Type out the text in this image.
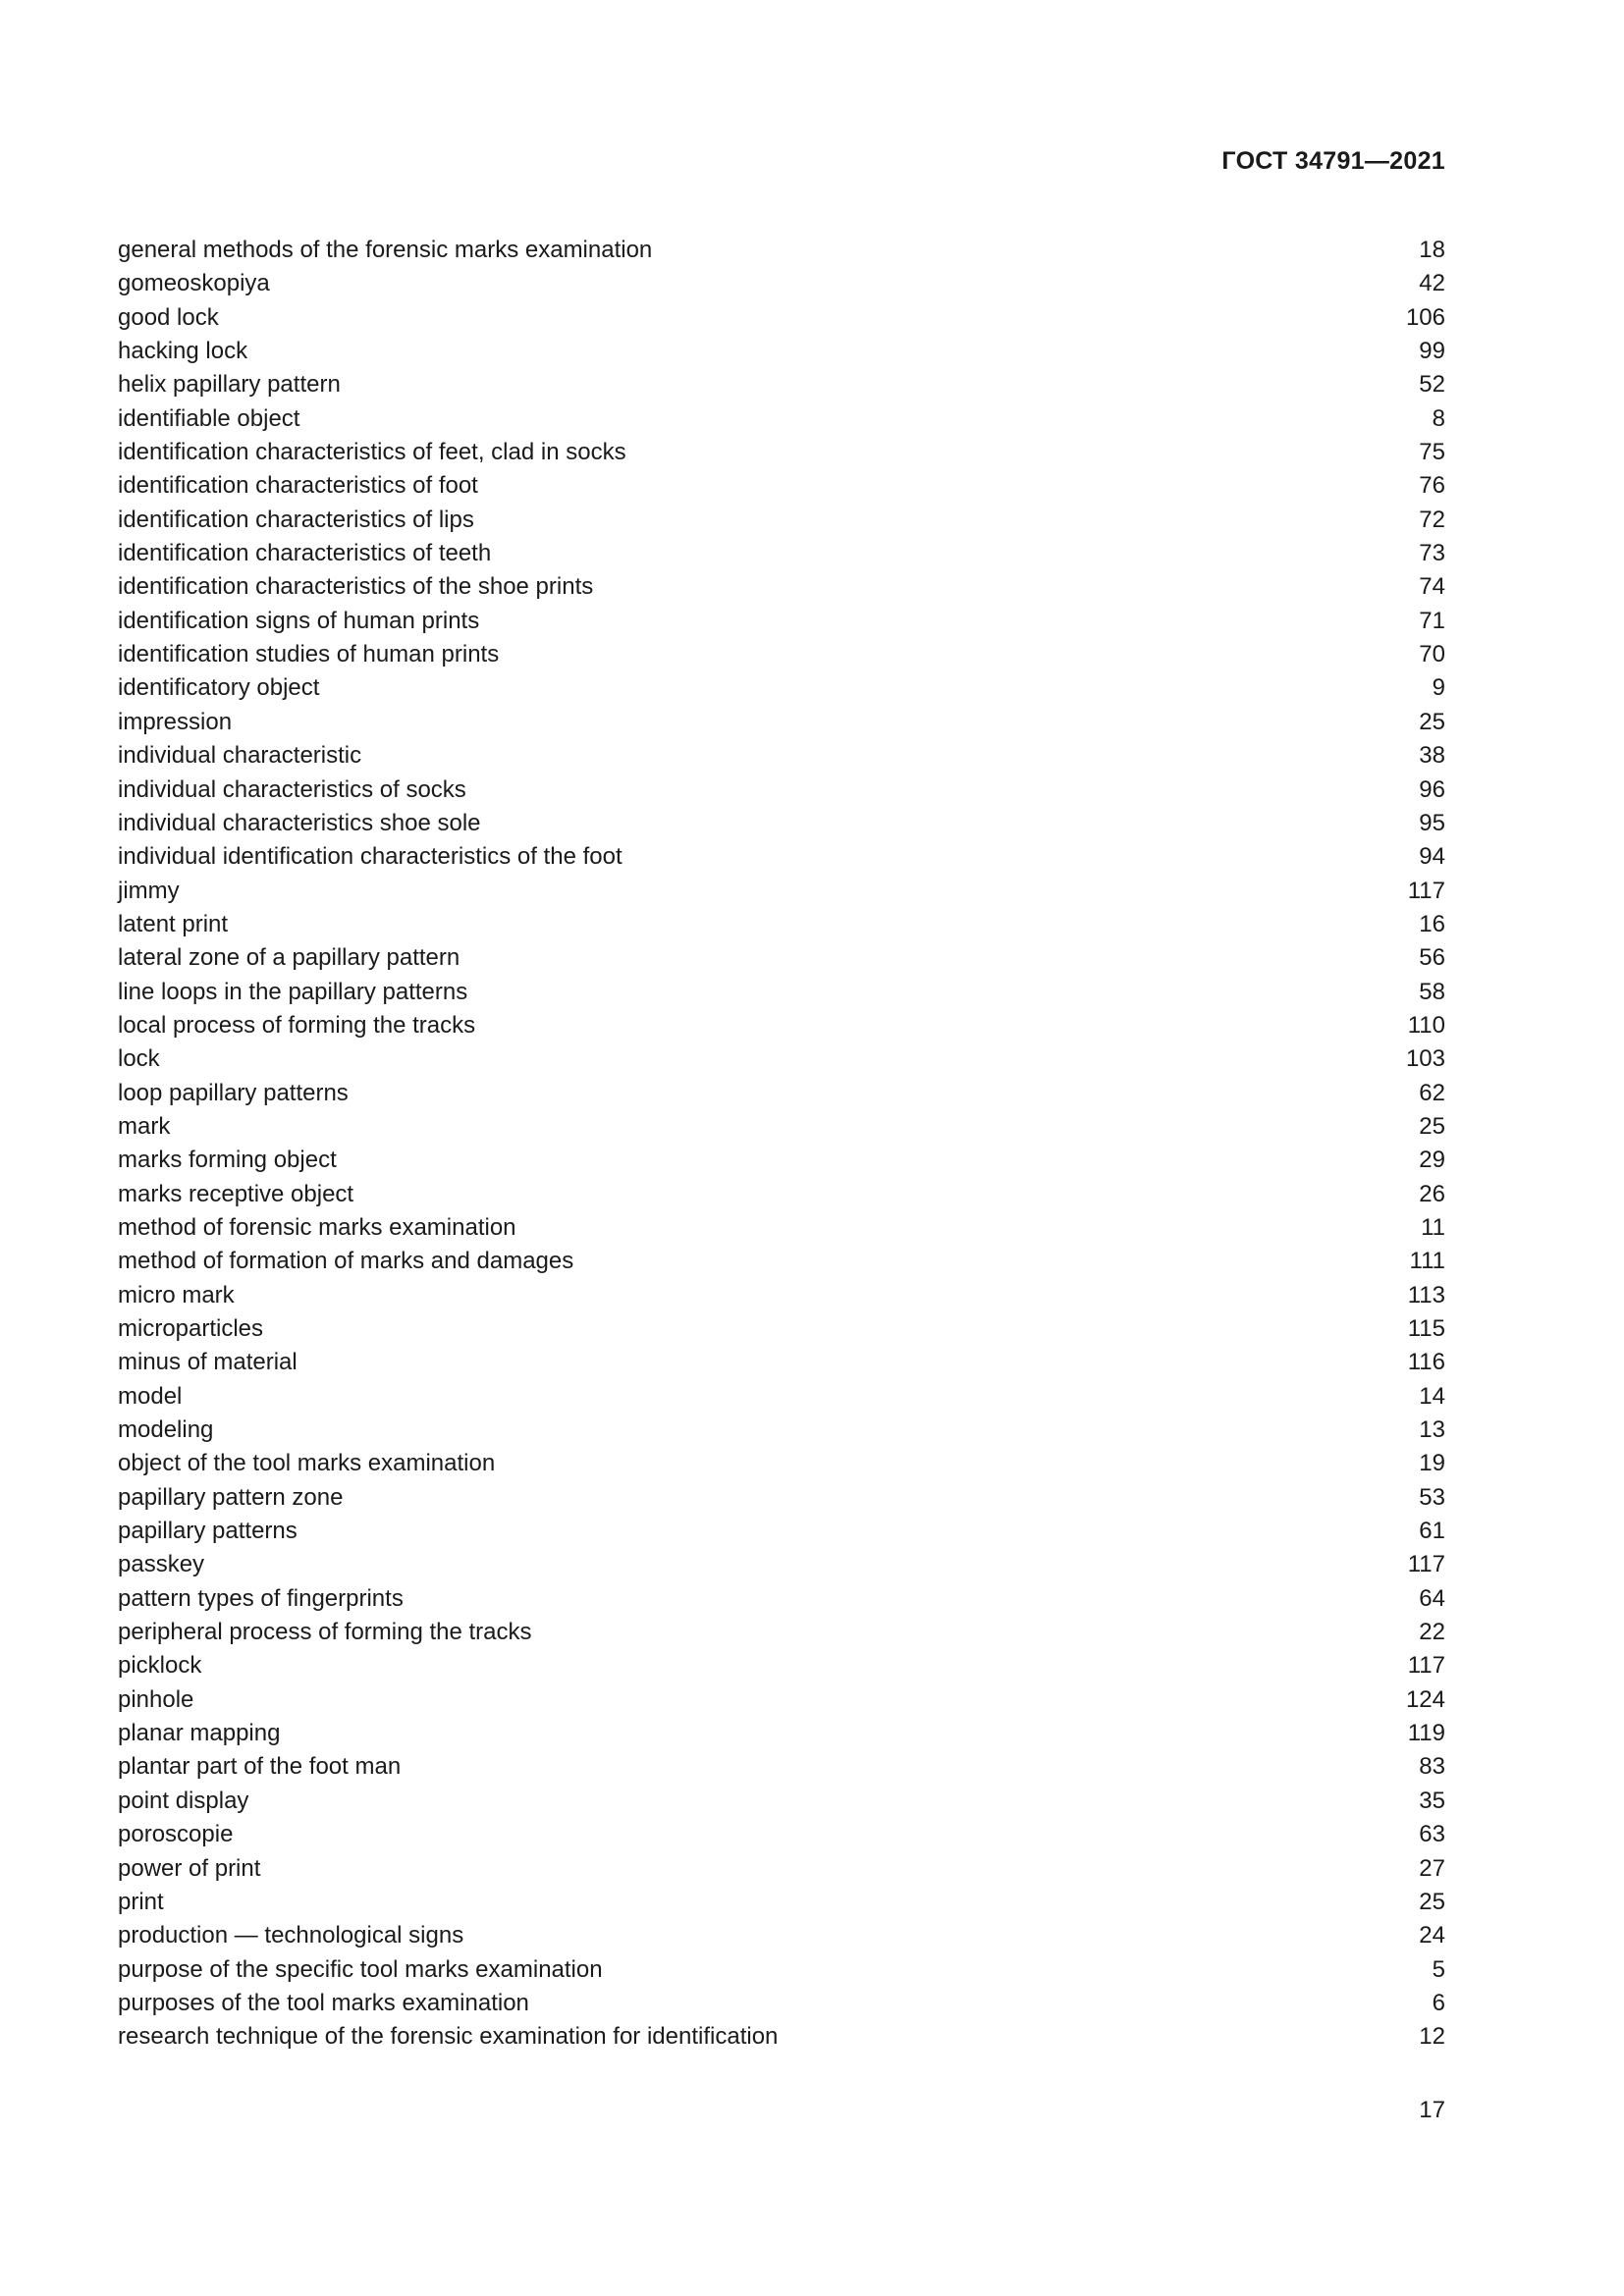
ГОСТ 34791—2021
general methods of the forensic marks examination	18
gomeoskopiya	42
good lock	106
hacking lock	99
helix papillary pattern	52
identifiable object	8
identification characteristics of feet, clad in socks	75
identification characteristics of foot	76
identification characteristics of lips	72
identification characteristics of teeth	73
identification characteristics of the shoe prints	74
identification signs of human prints	71
identification studies of human prints	70
identificatory object	9
impression	25
individual characteristic	38
individual characteristics of socks	96
individual characteristics shoe sole	95
individual identification characteristics of the foot	94
jimmy	117
latent print	16
lateral zone of a papillary pattern	56
line loops in the papillary patterns	58
local process of forming the tracks	110
lock	103
loop papillary patterns	62
mark	25
marks forming object	29
marks receptive object	26
method of forensic marks examination	11
method of formation of marks and damages	111
micro mark	113
microparticles	115
minus of material	116
model	14
modeling	13
object of the tool marks examination	19
papillary pattern zone	53
papillary patterns	61
passkey	117
pattern types of fingerprints	64
peripheral process of forming the tracks	22
picklock	117
pinhole	124
planar mapping	119
plantar part of the foot man	83
point display	35
poroscopie	63
power of print	27
print	25
production — technological signs	24
purpose of the specific tool marks examination	5
purposes of the tool marks examination	6
research technique of the forensic examination for identification	12
17
